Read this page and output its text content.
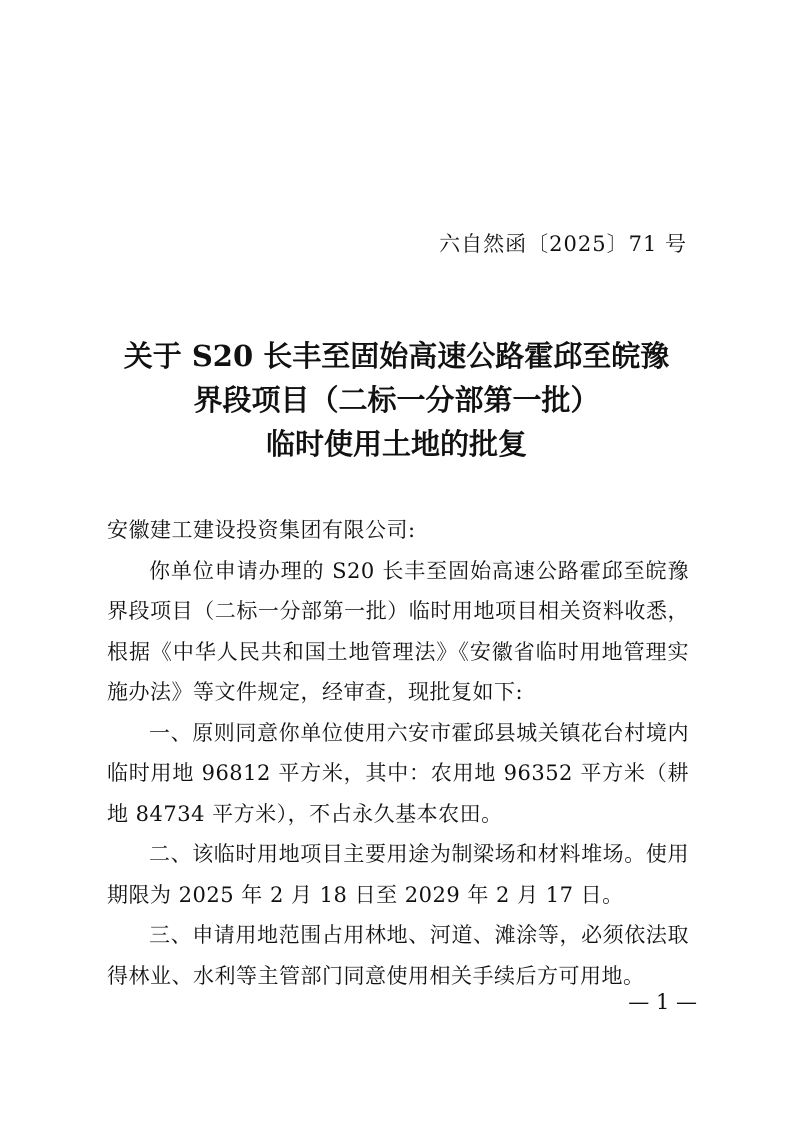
六自然函〔2025〕71 号
关于 S20 长丰至固始高速公路霍邱至皖豫
界段项目（二标一分部第一批）
临时使用土地的批复

安徽建工建设投资集团有限公司:

你单位申请办理的 S20 长丰至固始高速公路霍邱至皖豫界段项目（二标一分部第一批）临时用地项目相关资料收悉，根据《中华人民共和国土地管理法》《安徽省临时用地管理实施办法》等文件规定，经审查，现批复如下:

一、原则同意你单位使用六安市霍邱县城关镇花台村境内临时用地 96812 平方米，其中：农用地 96352 平方米（耕地 84734 平方米），不占永久基本农田。

二、该临时用地项目主要用途为制梁场和材料堆场。使用期限为 2025 年 2 月 18 日至 2029 年 2 月 17 日。

三、申请用地范围占用林地、河道、滩涂等，必须依法取得林业、水利等主管部门同意使用相关手续后方可用地。

— 1 —
